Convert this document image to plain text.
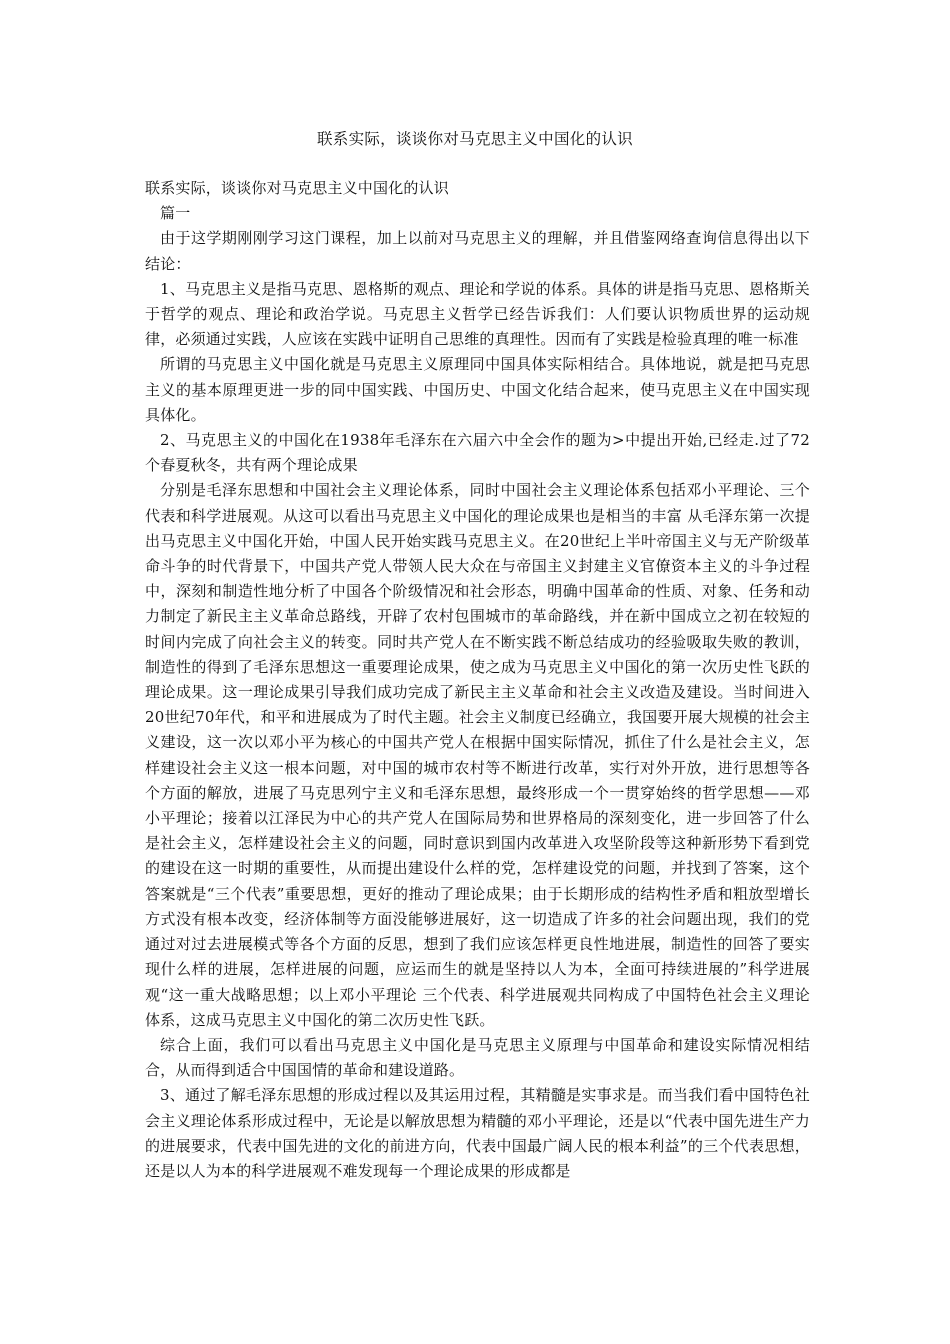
联系实际，谈谈你对马克思主义中国化的认识

联系实际，谈谈你对马克思主义中国化的认识

篇一

由于这学期刚刚学习这门课程，加上以前对马克思主义的理解，并且借鉴网络查询信息得出以下结论：

1、马克思主义是指马克思、恩格斯的观点、理论和学说的体系。具体的讲是指马克思、恩格斯关于哲学的观点、理论和政治学说。马克思主义哲学已经告诉我们：人们要认识物质世界的运动规律，必须通过实践，人应该在实践中证明自己思维的真理性。因而有了实践是检验真理的唯一标准

所谓的马克思主义中国化就是马克思主义原理同中国具体实际相结合。具体地说，就是把马克思主义的基本原理更进一步的同中国实践、中国历史、中国文化结合起来，使马克思主义在中国实现具体化。

2、马克思主义的中国化在1938年毛泽东在六届六中全会作的题为>中提出开始,已经走.过了72个春夏秋冬，共有两个理论成果

分别是毛泽东思想和中国社会主义理论体系，同时中国社会主义理论体系包括邓小平理论、三个代表和科学进展观。从这可以看出马克思主义中国化的理论成果也是相当的丰富 从毛泽东第一次提出马克思主义中国化开始，中国人民开始实践马克思主义。在20世纪上半叶帝国主义与无产阶级革命斗争的时代背景下，中国共产党人带领人民大众在与帝国主义封建主义官僚资本主义的斗争过程中，深刻和制造性地分析了中国各个阶级情况和社会形态，明确中国革命的性质、对象、任务和动力制定了新民主主义革命总路线，开辟了农村包围城市的革命路线，并在新中国成立之初在较短的时间内完成了向社会主义的转变。同时共产党人在不断实践不断总结成功的经验吸取失败的教训，制造性的得到了毛泽东思想这一重要理论成果，使之成为马克思主义中国化的第一次历史性飞跃的理论成果。这一理论成果引导我们成功完成了新民主主义革命和社会主义改造及建设。当时间进入20世纪70年代，和平和进展成为了时代主题。社会主义制度已经确立，我国要开展大规模的社会主义建设，这一次以邓小平为核心的中国共产党人在根据中国实际情况，抓住了什么是社会主义，怎样建设社会主义这一根本问题，对中国的城市农村等不断进行改革，实行对外开放，进行思想等各个方面的解放，进展了马克思列宁主义和毛泽东思想，最终形成一个一贯穿始终的哲学思想——邓小平理论；接着以江泽民为中心的共产党人在国际局势和世界格局的深刻变化，进一步回答了什么是社会主义，怎样建设社会主义的问题，同时意识到国内改革进入攻坚阶段等这种新形势下看到党的建设在这一时期的重要性，从而提出建设什么样的党，怎样建设党的问题，并找到了答案，这个答案就是“三个代表”重要思想，更好的推动了理论成果；由于长期形成的结构性矛盾和粗放型增长方式没有根本改变，经济体制等方面没能够进展好，这一切造成了许多的社会问题出现，我们的党通过对过去进展模式等各个方面的反思，想到了我们应该怎样更良性地进展，制造性的回答了要实现什么样的进展，怎样进展的问题，应运而生的就是坚持以人为本，全面可持续进展的”科学进展观“这一重大战略思想；以上邓小平理论 三个代表、科学进展观共同构成了中国特色社会主义理论体系，这成马克思主义中国化的第二次历史性飞跃。

综合上面，我们可以看出马克思主义中国化是马克思主义原理与中国革命和建设实际情况相结合，从而得到适合中国国情的革命和建设道路。

3、通过了解毛泽东思想的形成过程以及其运用过程，其精髓是实事求是。而当我们看中国特色社会主义理论体系形成过程中，无论是以解放思想为精髓的邓小平理论，还是以“代表中国先进生产力的进展要求，代表中国先进的文化的前进方向，代表中国最广阔人民的根本利益”的三个代表思想，还是以人为本的科学进展观不难发现每一个理论成果的形成都是
